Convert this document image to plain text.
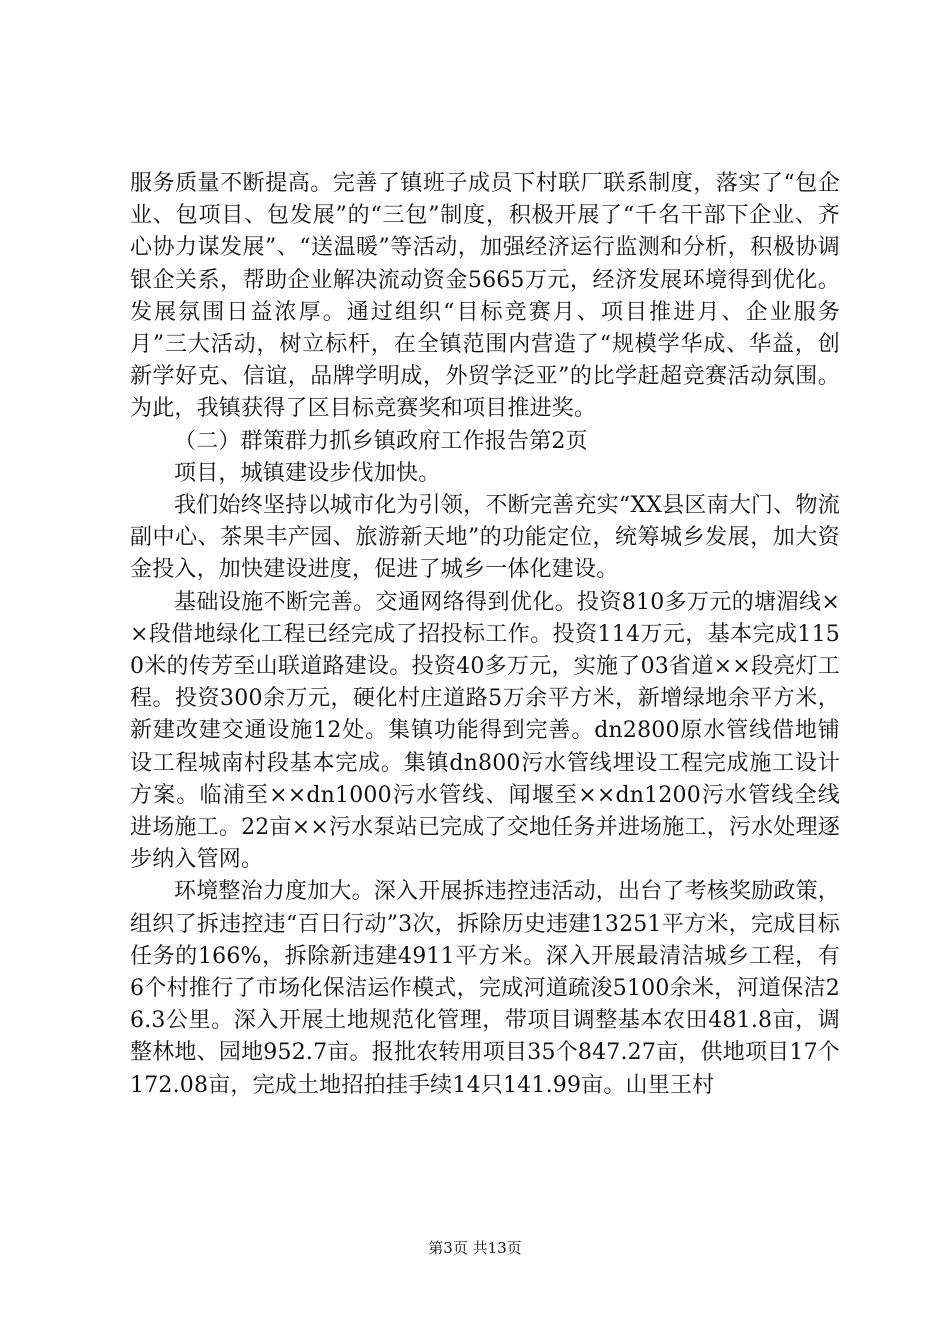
服务质量不断提高。完善了镇班子成员下村联厂联系制度，落实了“包企业、包项目、包发展”的“三包”制度，积极开展了“千名干部下企业、齐心协力谋发展”、“送温暖”等活动，加强经济运行监测和分析，积极协调银企关系，帮助企业解决流动资金5665万元，经济发展环境得到优化。发展氛围日益浓厚。通过组织“目标竞赛月、项目推进月、企业服务月”三大活动，树立标杆，在全镇范围内营造了“规模学华成、华益，创新学好克、信谊，品牌学明成，外贸学泛亚”的比学赶超竞赛活动氛围。为此，我镇获得了区目标竞赛奖和项目推进奖。

（二）群策群力抓乡镇政府工作报告第2页

项目，城镇建设步伐加快。

我们始终坚持以城市化为引领，不断完善充实“XX县区南大门、物流副中心、茶果丰产园、旅游新天地”的功能定位，统筹城乡发展，加大资金投入，加快建设进度，促进了城乡一体化建设。

基础设施不断完善。交通网络得到优化。投资810多万元的塘湄线××段借地绿化工程已经完成了招投标工作。投资114万元，基本完成1150米的传芳至山联道路建设。投资40多万元，实施了03省道××段亮灯工程。投资300余万元，硬化村庄道路5万余平方米，新增绿地余平方米，新建改建交通设施12处。集镇功能得到完善。dn2800原水管线借地铺设工程城南村段基本完成。集镇dn800污水管线埋设工程完成施工设计方案。临浦至××dn1000污水管线、闻堰至××dn1200污水管线全线进场施工。22亩××污水泵站已完成了交地任务并进场施工，污水处理逐步纳入管网。

环境整治力度加大。深入开展拆违控违活动，出台了考核奖励政策，组织了拆违控违“百日行动”3次，拆除历史违建13251平方米，完成目标任务的166%，拆除新违建4911平方米。深入开展最清洁城乡工程，有6个村推行了市场化保洁运作模式，完成河道疏浚5100余米，河道保洁26.3公里。深入开展土地规范化管理，带项目调整基本农田481.8亩，调整林地、园地952.7亩。报批农转用项目35个847.27亩，供地项目17个172.08亩，完成土地招拍挂手续14只141.99亩。山里王村

第3页 共13页
